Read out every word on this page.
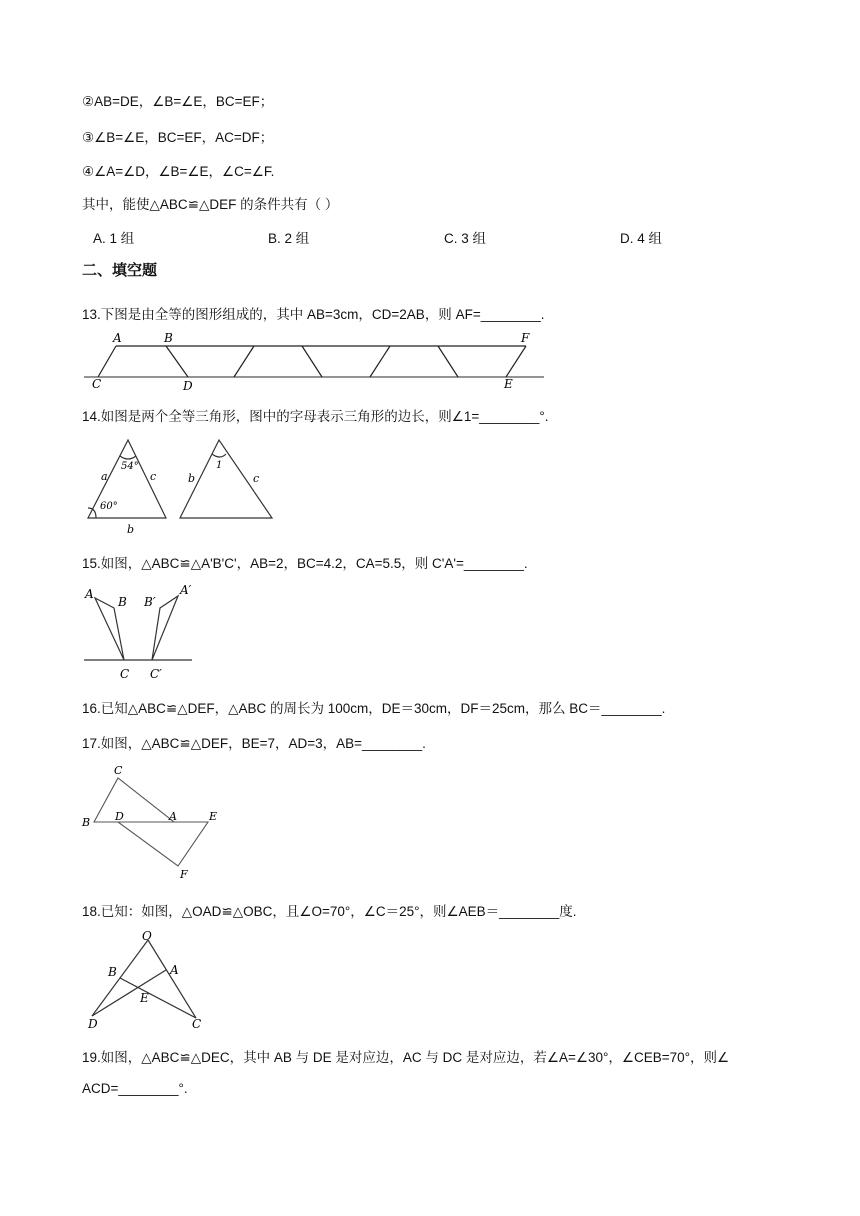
②AB=DE，∠B=∠E，BC=EF；
③∠B=∠E，BC=EF，AC=DF；
④∠A=∠D，∠B=∠E，∠C=∠F.
其中，能使△ABC≌△DEF 的条件共有（ ）
A. 1 组	B. 2 组	C. 3 组	D. 4 组
二、填空题
13.下图是由全等的图形组成的，其中 AB=3cm，CD=2AB，则 AF=________.
A	B	F
C	D	E
14.如图是两个全等三角形，图中的字母表示三角形的边长，则∠1=________°.
a	c
b
54°
60°
b	c
1
15.如图，△ABC≌△A'B'C'，AB=2，BC=4.2，CA=5.5，则 C'A'=________.
A
B
C
A′
B′
C′
16.已知△ABC≌△DEF，△ABC 的周长为 100cm，DE＝30cm，DF＝25cm，那么 BC＝________.
17.如图，△ABC≌△DEF，BE=7，AD=3，AB=________.
C
B D	A	E
F
18.已知：如图，△OAD≌△OBC，且∠O=70°，∠C＝25°，则∠AEB＝________度.
O
B	A
E
D	C
19.如图，△ABC≌△DEC，其中 AB 与 DE 是对应边，AC 与 DC 是对应边，若∠A=∠30°，∠CEB=70°，则∠
ACD=________°.
